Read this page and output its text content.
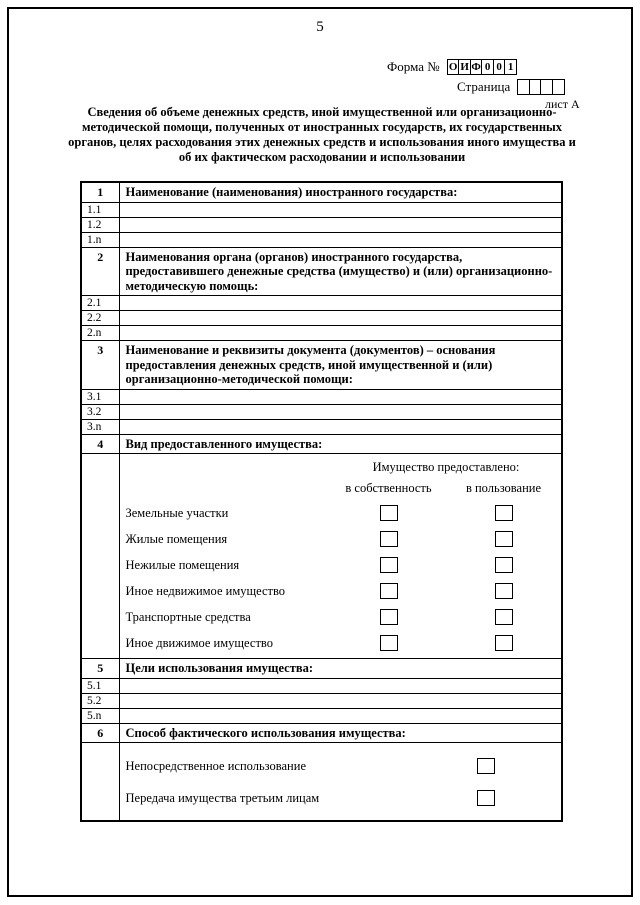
5
Форма № О И Ф 0 0 1
Страница
лист А
Сведения об объеме денежных средств, иной имущественной или организационно-методической помощи, полученных от иностранных государств, их государственных органов, целях расходования этих денежных средств и использования иного имущества и об их фактическом расходовании и использовании
1	Наименование (наименования) иностранного государства:
1.1	
1.2	
1.n	
2	Наименования органа (органов) иностранного государства, предоставившего денежные средства (имущество) и (или) организационно-методическую помощь:
2.1	
2.2	
2.n	
3	Наименование и реквизиты документа (документов) – основания предоставления денежных средств, иной имущественной и (или) организационно-методической помощи:
3.1	
3.2	
3.n	
4	Вид предоставленного имущества:

Имущество предоставлено:
в собственность	в пользование
Земельные участки
Жилые помещения
Нежилые помещения
Иное недвижимое имущество
Транспортные средства
Иное движимое имущество

5	Цели использования имущества:
5.1	
5.2	
5.n	
6	Способ фактического использования имущества:

	Непосредственное использование
Передача имущества третьим лицам
